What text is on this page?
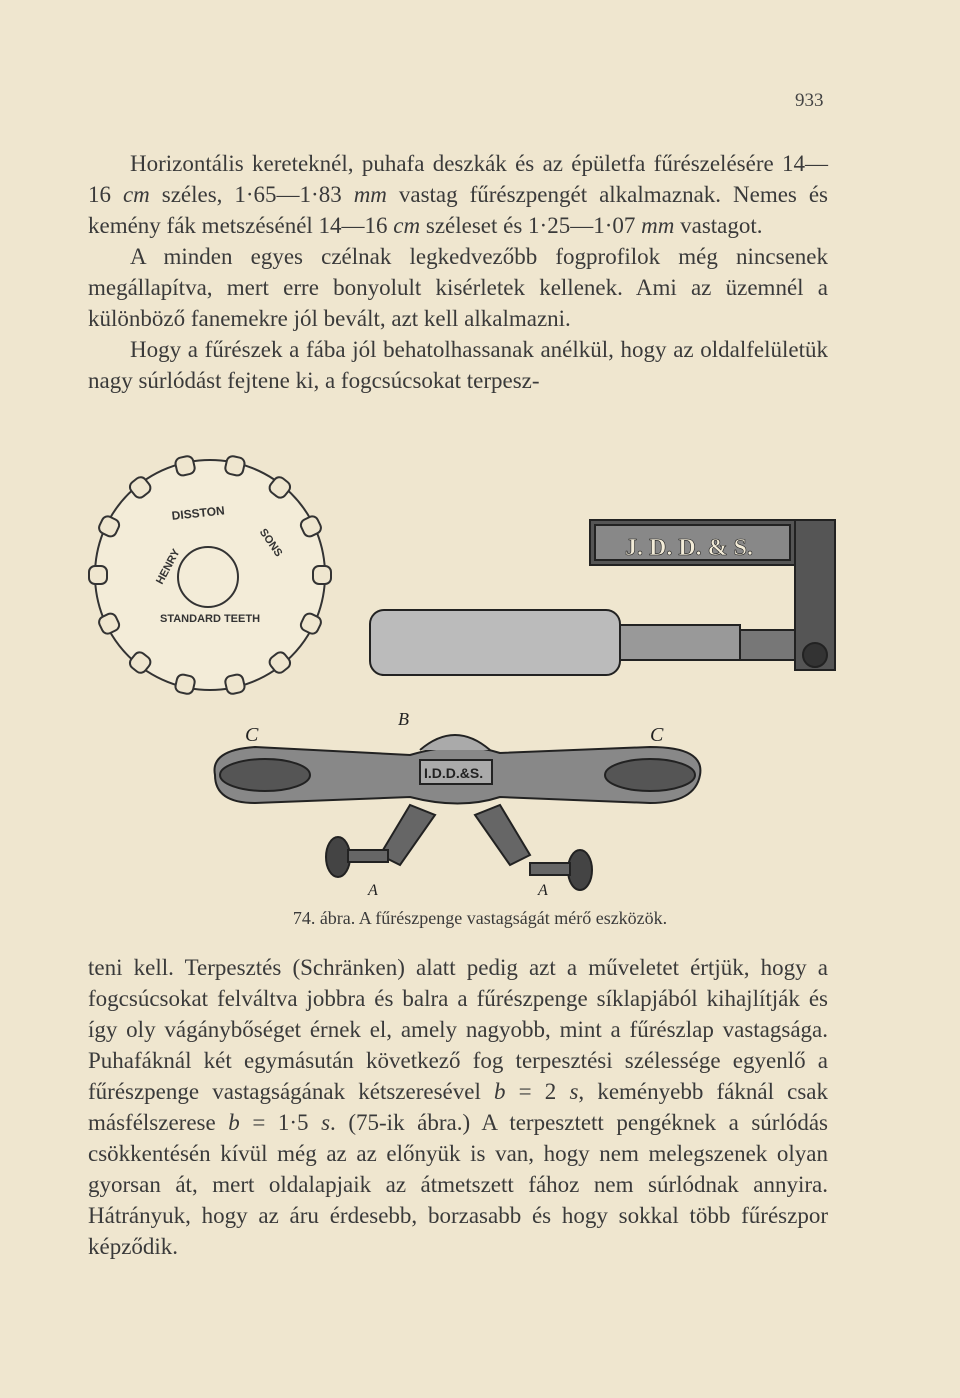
933

Horizontális kereteknél, puhafa deszkák és az épületfa fűrészelésére 14—16 cm széles, 1·65—1·83 mm vastag fűrészpengét alkalmaznak. Nemes és kemény fák metszésénél 14—16 cm széleset és 1·25—1·07 mm vastagot.

A minden egyes czélnak legkedvezőbb fogprofilok még nincsenek megállapítva, mert erre bonyolult kisérletek kellenek. Ami az üzemnél a különböző fanemekre jól bevált, azt kell alkalmazni.

Hogy a fűrészek a fába jól behatolhassanak anélkül, hogy az oldalfelületük nagy súrlódást fejtene ki, a fogcsúcsokat terpesz-

DISSTON
STANDARD TEETH
HENRY
SONS	J. D. D. & S.
I.D.D.&S.
B
C	C
A	A
74. ábra. A fűrészpenge vastagságát mérő eszközök.

teni kell. Terpesztés (Schränken) alatt pedig azt a műveletet értjük, hogy a fogcsúcsokat felváltva jobbra és balra a fűrészpenge síklapjából kihajlítják és így oly vágánybőséget érnek el, amely nagyobb, mint a fűrészlap vastagsága. Puhafáknál két egymásután következő fog terpesztési szélessége egyenlő a fűrészpenge vastagságának kétszeresével b = 2 s, keményebb fáknál csak másfélszerese b = 1·5 s. (75-ik ábra.) A terpesztett pengéknek a súrlódás csökkentésén kívül még az az előnyük is van, hogy nem melegszenek olyan gyorsan át, mert oldalapjaik az átmetszett fához nem súrlódnak annyira. Hátrányuk, hogy az áru érdesebb, borzasabb és hogy sokkal több fűrészpor képződik.
